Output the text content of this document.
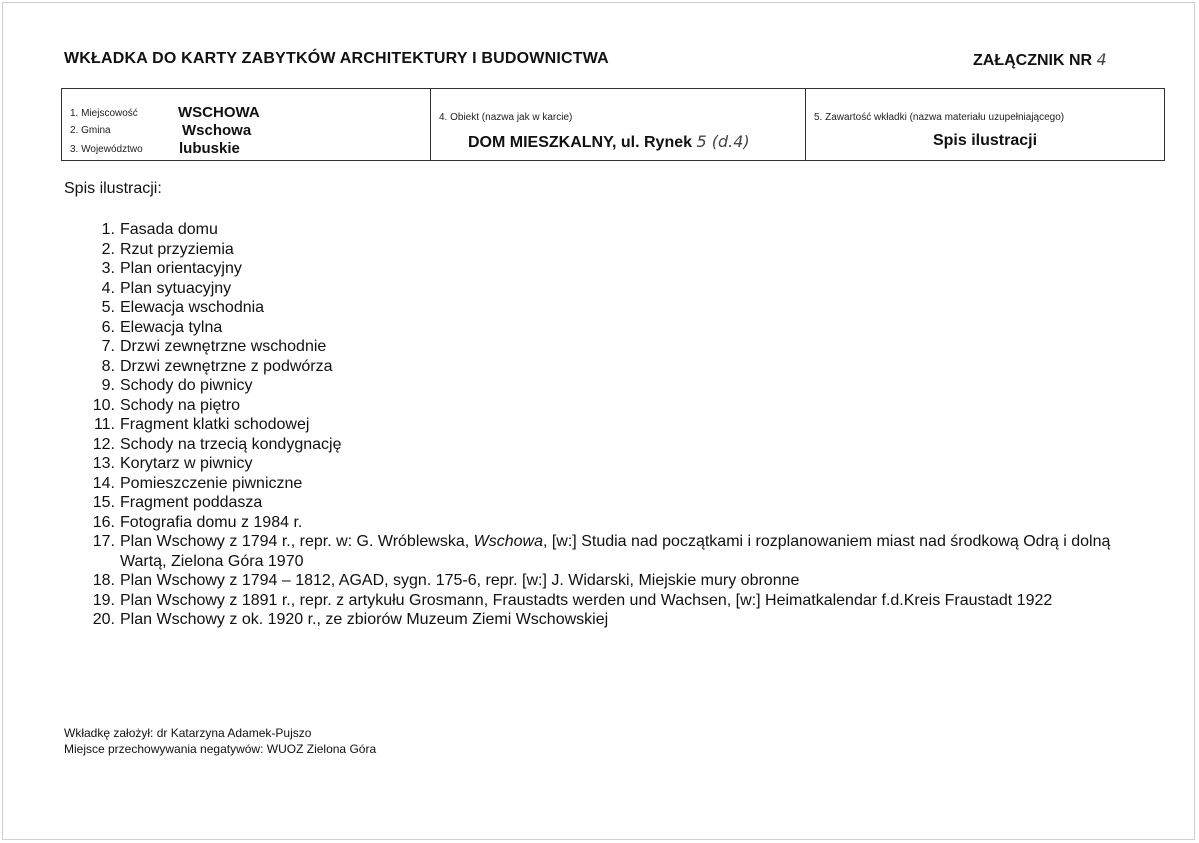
WKŁADKA DO KARTY ZABYTKÓW ARCHITEKTURY I BUDOWNICTWA	ZAŁĄCZNIK NR 4
1. Miejscowość	WSCHOWA
2. Gmina	Wschowa
3. Województwo lubuskie
4. Obiekt (nazwa jak w karcie)
DOM MIESZKALNY, ul. Rynek 5 (d.4)
5. Zawartość wkładki (nazwa materiału uzupełniającego)
Spis ilustracji
Spis ilustracji:
1. Fasada domu
2. Rzut przyziemia
3. Plan orientacyjny
4. Plan sytuacyjny
5. Elewacja wschodnia
6. Elewacja tylna
7. Drzwi zewnętrzne wschodnie
8. Drzwi zewnętrzne z podwórza
9. Schody do piwnicy
10. Schody na piętro
11. Fragment klatki schodowej
12. Schody na trzecią kondygnację
13. Korytarz w piwnicy
14. Pomieszczenie piwniczne
15. Fragment poddasza
16. Fotografia domu z 1984 r.
17. Plan Wschowy z 1794 r., repr. w: G. Wróblewska, Wschowa, [w:] Studia nad początkami i rozplanowaniem miast nad środkową Odrą i dolną Wartą, Zielona Góra 1970
18. Plan Wschowy z 1794 – 1812, AGAD, sygn. 175-6, repr. [w:] J. Widarski, Miejskie mury obronne
19. Plan Wschowy z 1891 r., repr. z artykułu Grosmann, Fraustadts werden und Wachsen, [w:] Heimatkalendar f.d.Kreis Fraustadt 1922
20. Plan Wschowy z ok. 1920 r., ze zbiorów Muzeum Ziemi Wschowskiej
Wkładkę założył: dr Katarzyna Adamek-Pujszo
Miejsce przechowywania negatywów: WUOZ Zielona Góra
